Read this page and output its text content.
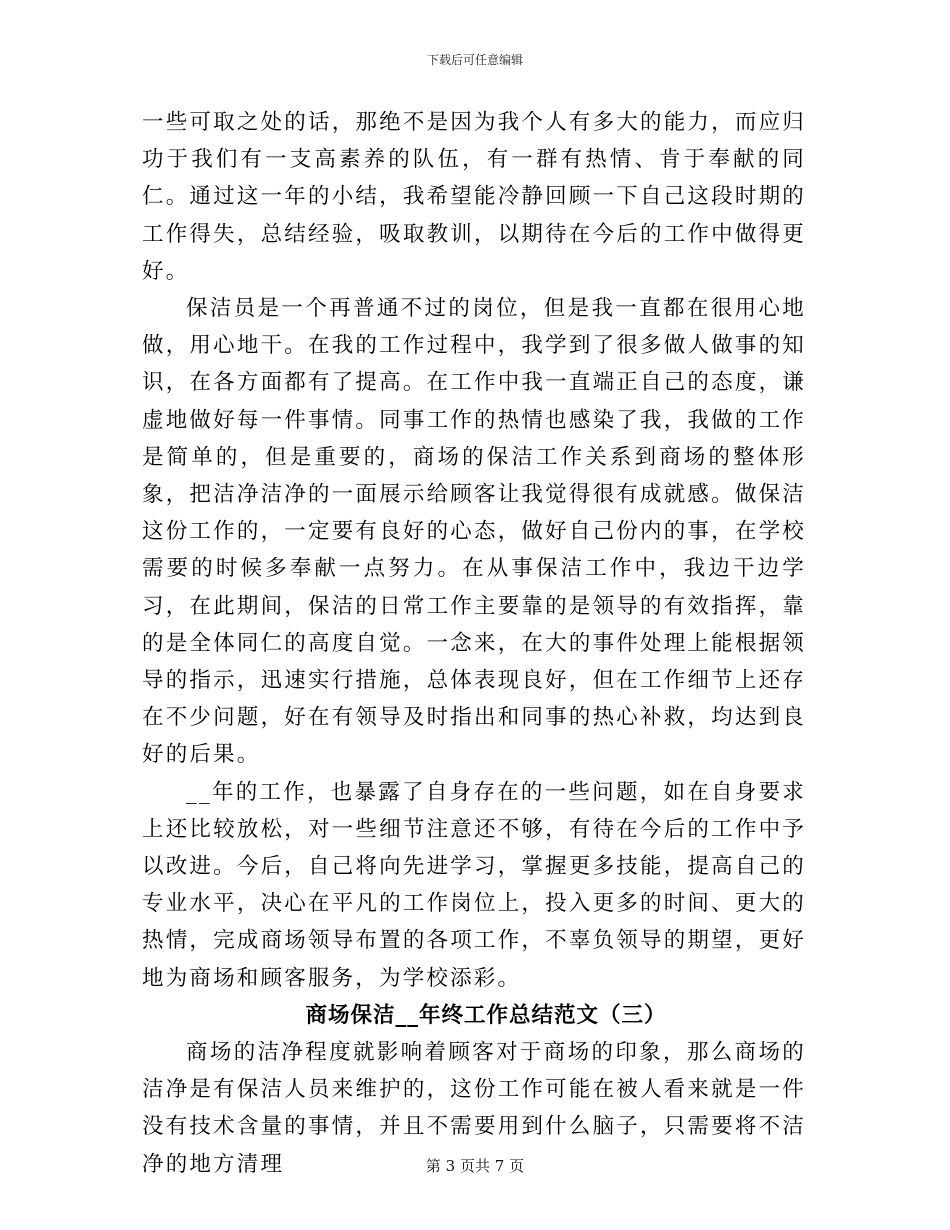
下载后可任意编辑

一些可取之处的话，那绝不是因为我个人有多大的能力，而应归功于我们有一支高素养的队伍，有一群有热情、肯于奉献的同仁。通过这一年的小结，我希望能冷静回顾一下自己这段时期的工作得失，总结经验，吸取教训，以期待在今后的工作中做得更好。

保洁员是一个再普通不过的岗位，但是我一直都在很用心地做，用心地干。在我的工作过程中，我学到了很多做人做事的知识，在各方面都有了提高。在工作中我一直端正自己的态度，谦虚地做好每一件事情。同事工作的热情也感染了我，我做的工作是简单的，但是重要的，商场的保洁工作关系到商场的整体形象，把洁净洁净的一面展示给顾客让我觉得很有成就感。做保洁这份工作的，一定要有良好的心态，做好自己份内的事，在学校需要的时候多奉献一点努力。在从事保洁工作中，我边干边学习，在此期间，保洁的日常工作主要靠的是领导的有效指挥，靠的是全体同仁的高度自觉。一念来，在大的事件处理上能根据领导的指示，迅速实行措施，总体表现良好，但在工作细节上还存在不少问题，好在有领导及时指出和同事的热心补救，均达到良好的后果。

__年的工作，也暴露了自身存在的一些问题，如在自身要求上还比较放松，对一些细节注意还不够，有待在今后的工作中予以改进。今后，自己将向先进学习，掌握更多技能，提高自己的专业水平，决心在平凡的工作岗位上，投入更多的时间、更大的热情，完成商场领导布置的各项工作，不辜负领导的期望，更好地为商场和顾客服务，为学校添彩。

商场保洁__年终工作总结范文（三）

商场的洁净程度就影响着顾客对于商场的印象，那么商场的洁净是有保洁人员来维护的，这份工作可能在被人看来就是一件没有技术含量的事情，并且不需要用到什么脑子，只需要将不洁净的地方清理	第 3 页共 7 页
